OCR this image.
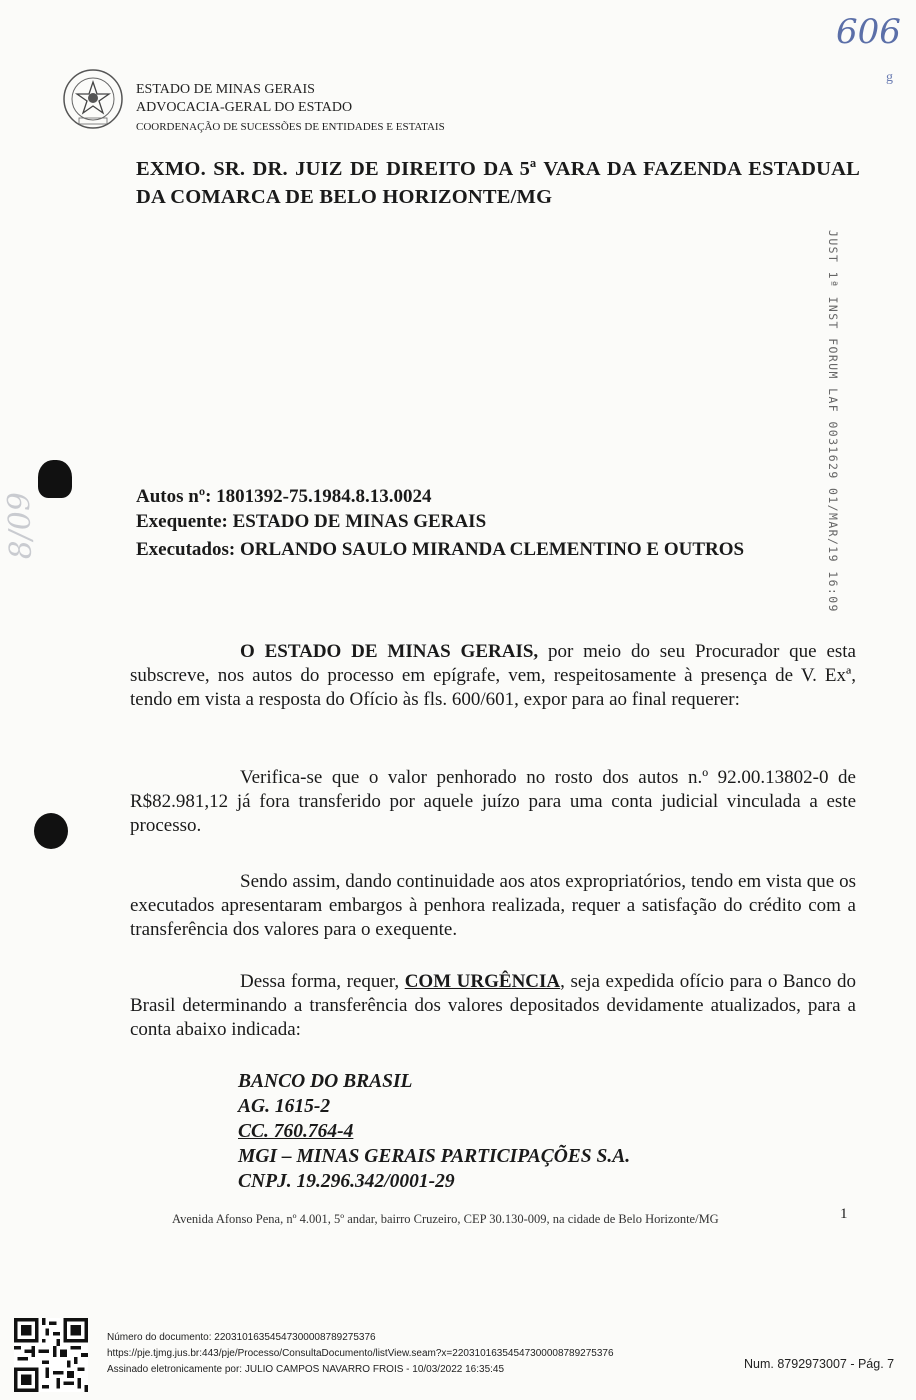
ESTADO DE MINAS GERAIS
ADVOCACIA-GERAL DO ESTADO
COORDENAÇÃO DE SUCESSÕES DE ENTIDADES E ESTATAIS
606
g
8/09
EXMO. SR. DR. JUIZ DE DIREITO DA 5ª VARA DA FAZENDA ESTADUAL DA COMARCA DE BELO HORIZONTE/MG
JUST 1ª INST FORUM LAF 0031629 01/MAR/19 16:09
Autos nº: 1801392-75.1984.8.13.0024
Exequente: ESTADO DE MINAS GERAIS
Executados: ORLANDO SAULO MIRANDA CLEMENTINO E OUTROS
O ESTADO DE MINAS GERAIS, por meio do seu Procurador que esta subscreve, nos autos do processo em epígrafe, vem, respeitosamente à presença de V. Exª, tendo em vista a resposta do Ofício às fls. 600/601, expor para ao final requerer:
Verifica-se que o valor penhorado no rosto dos autos n.º 92.00.13802-0 de R$82.981,12 já fora transferido por aquele juízo para uma conta judicial vinculada a este processo.
Sendo assim, dando continuidade aos atos expropriatórios, tendo em vista que os executados apresentaram embargos à penhora realizada, requer a satisfação do crédito com a transferência dos valores para o exequente.
Dessa forma, requer, COM URGÊNCIA, seja expedida ofício para o Banco do Brasil determinando a transferência dos valores depositados devidamente atualizados, para a conta abaixo indicada:
BANCO DO BRASIL
AG. 1615-2
CC. 760.764-4
MGI – MINAS GERAIS PARTICIPAÇÕES S.A.
CNPJ. 19.296.342/0001-29
Avenida Afonso Pena, nº 4.001, 5º andar, bairro Cruzeiro, CEP 30.130-009, na cidade de Belo Horizonte/MG	1
Número do documento: 22031016354547300008789275376
https://pje.tjmg.jus.br:443/pje/Processo/ConsultaDocumento/listView.seam?x=22031016354547300008789275376
Assinado eletronicamente por: JULIO CAMPOS NAVARRO FROIS - 10/03/2022 16:35:45	Num. 8792973007 - Pág. 7
